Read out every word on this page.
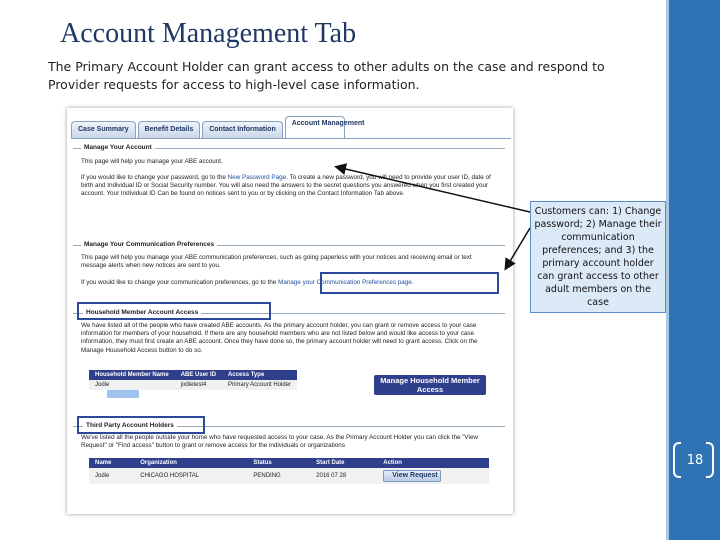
Account Management Tab
The Primary Account Holder can grant access to other adults on the case and respond to Provider requests for access to high-level case information.
18
Case Summary	Benefit Details	Contact Information
Account Management
Manage Your Account
This page will help you manage your ABE account.
If you would like to change your password, go to the New Password Page. To create a new password, you will need to provide your user ID, date of birth and Individual ID or Social Security number. You will also need the answers to the secret questions you answered when you first created your account. Your Individual ID Can be found on notices sent to you or by clicking on the Contact Information Tab above.
Manage Your Communication Preferences
This page will help you manage your ABE communication preferences, such as going paperless with your notices and receiving email or text message alerts when new notices are sent to you.
If you would like to change your communication preferences, go to the Manage your Communication Preferences page.
Household Member Account Access
We have listed all of the people who have created ABE accounts. As the primary account holder, you can grant or remove access to your case information for members of your household. If there are any household members who are not listed below and would like access to your case information, they must first create an ABE account. Once they have done so, the primary account holder will need to grant access. Click on the Manage Household Access button to do so.
Household Member Name	ABE User ID	Access Type
Jodie	jodietest4	Primary Account Holder	Manage Household Member Access
Third Party Account Holders
We've listed all the people outside your home who have requested access to your case. As the Primary Account Holder you can click the "View Request" or "Find access" button to grant or remove access for the individuals or organizations
Name	Organization	Status	Start Date	Action
Jodie	CHICAGO HOSPITAL	PENDING	2016 07 28	View Request
Customers can: 1) Change password; 2) Manage their communication preferences; and 3) the primary account holder can grant access to other adult members on the case
